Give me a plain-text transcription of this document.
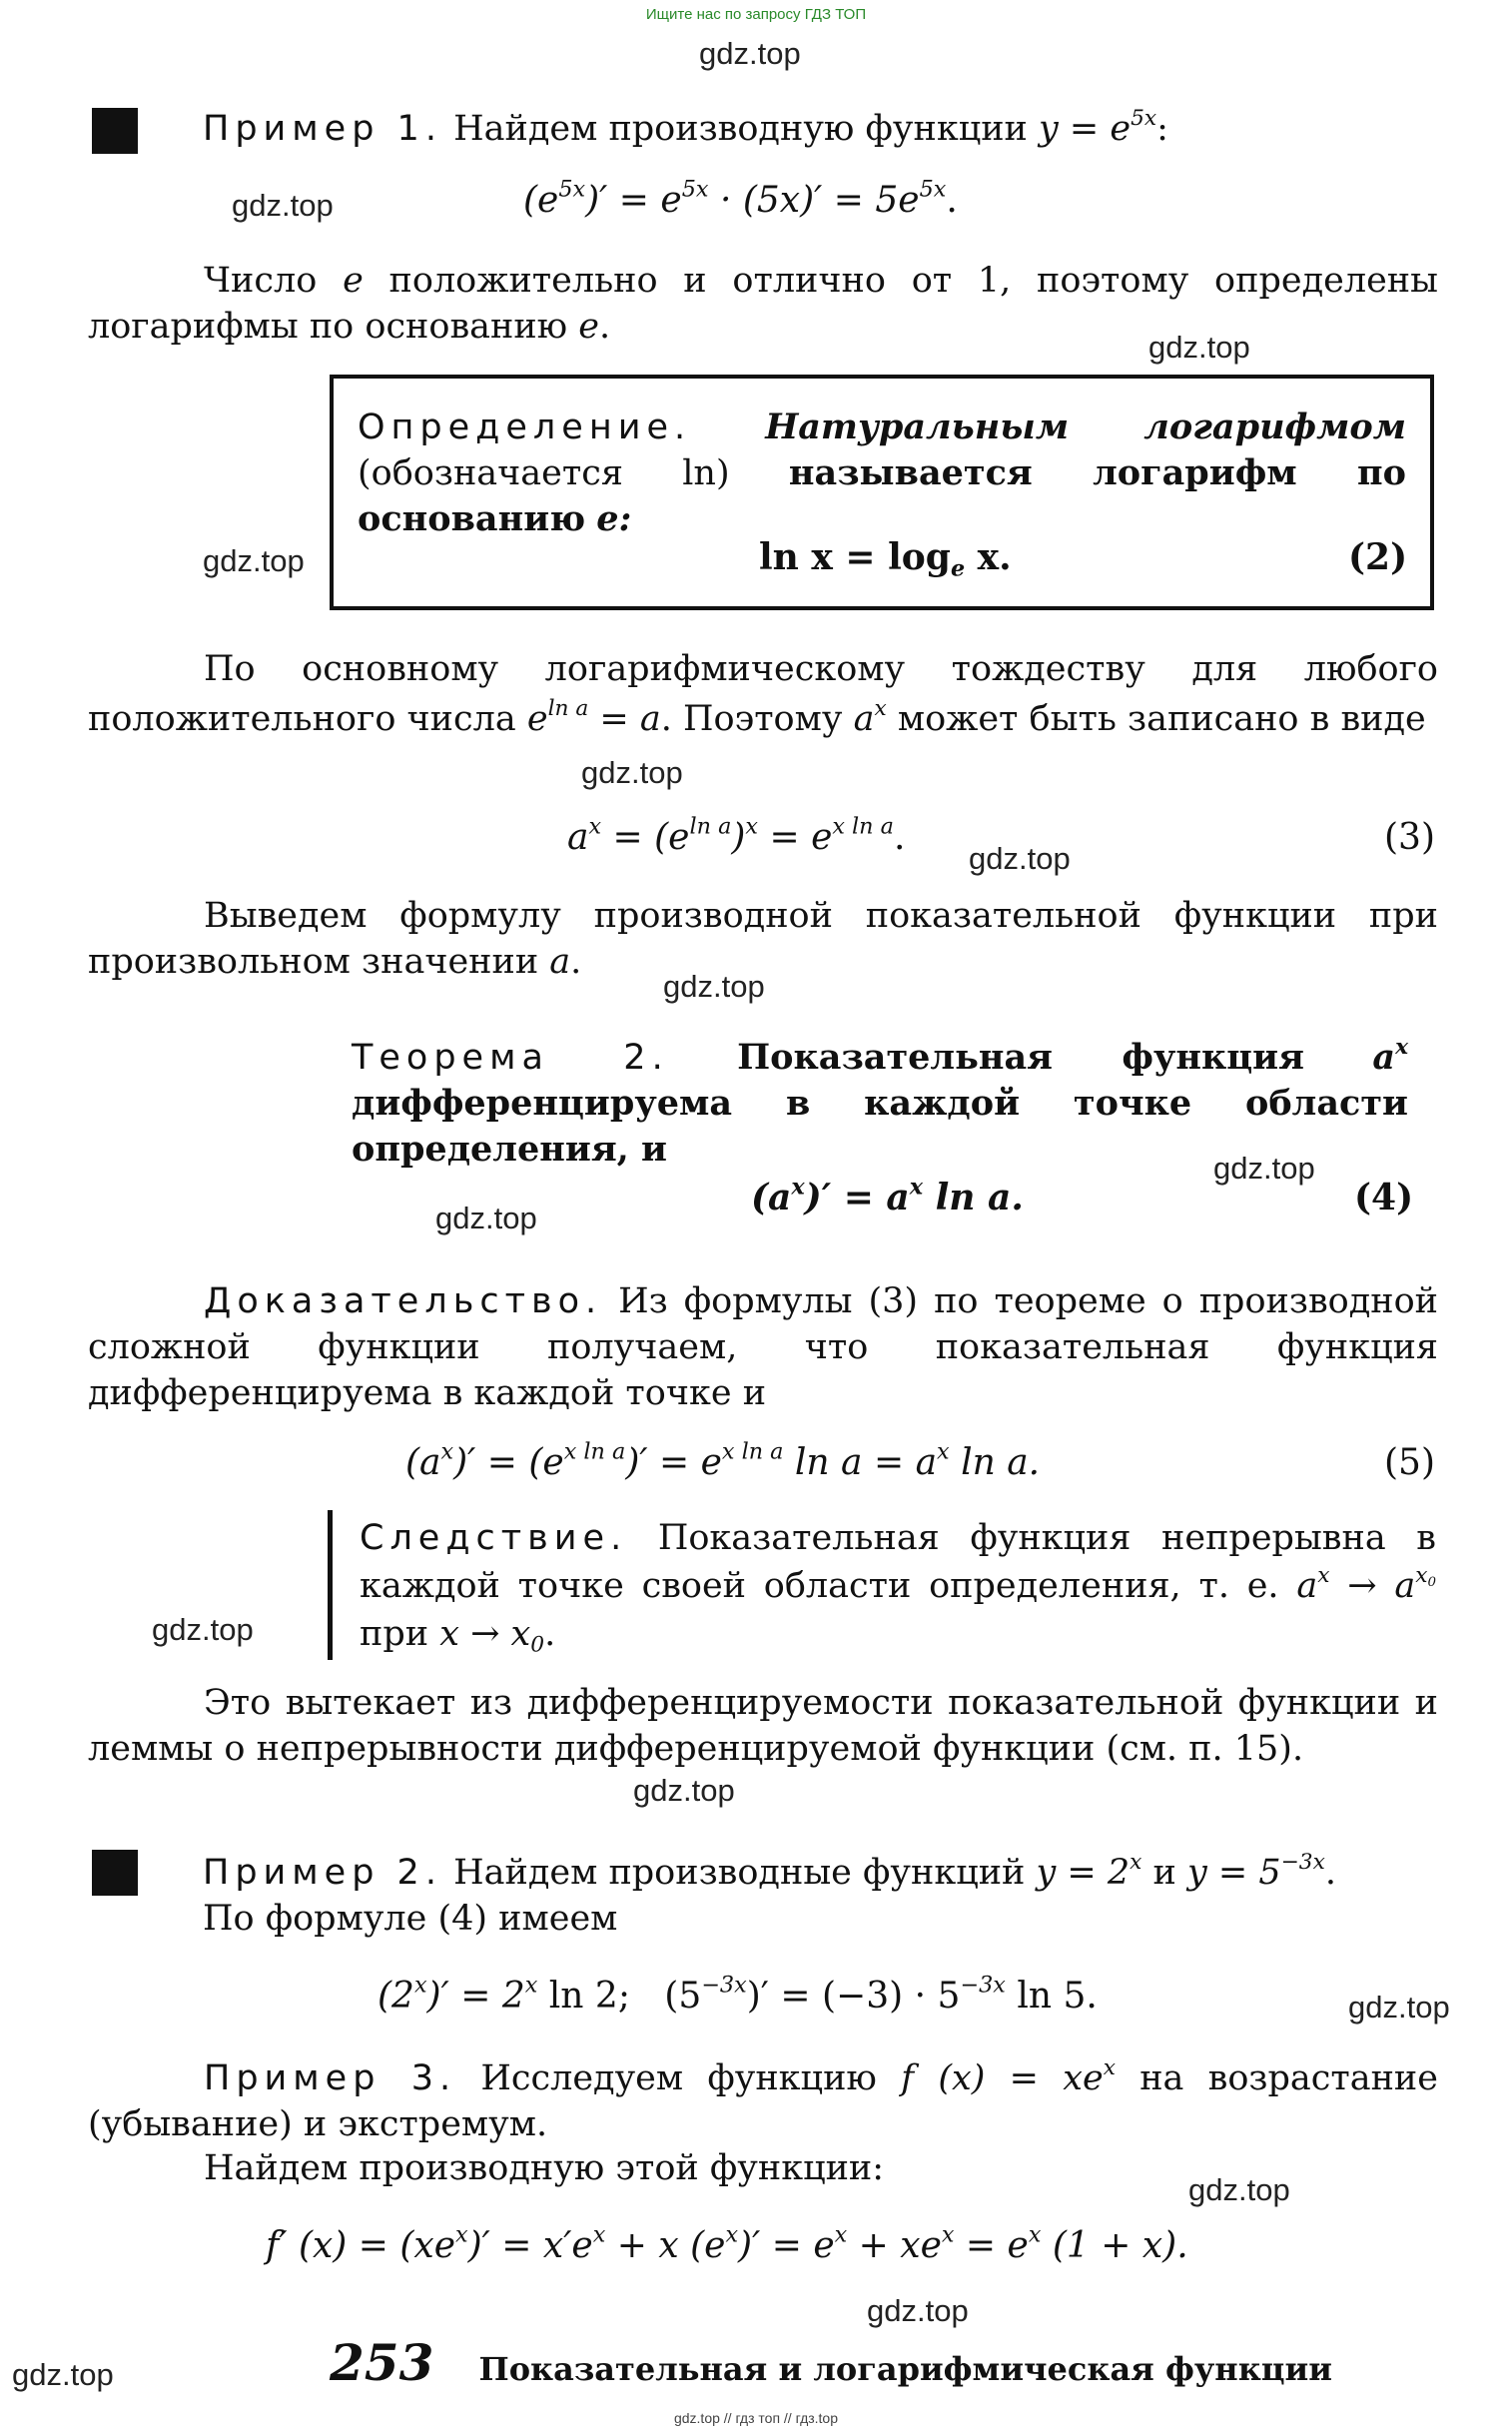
Ищите нас по запросу ГДЗ ТОП
gdz.top // гдз топ // гдз.top
gdz.top
gdz.top
gdz.top
gdz.top
gdz.top
gdz.top
gdz.top
gdz.top
gdz.top
gdz.top
gdz.top
gdz.top
gdz.top
gdz.top
gdz.top
Пример 1. Найдем производную функции $y = e^{5x}$:
$(e^{5x})' = e^{5x} \cdot (5x)' = 5e^{5x}$.
Число e положительно и отлично от 1, поэтому определены логарифмы по основанию e.
Определение. Натуральным логарифмом (обозначается ln) называется логарифм по основанию e:
$\ln x = \log_e x$.	(2)
По основному логарифмическому тождеству для любого положительного числа $e^{ln a} = a$. Поэтому $a^x$ может быть записано в виде
$a^x = (e^{ln a})^x = e^{x ln a}$.	(3)
Выведем формулу производной показательной функции при произвольном значении a.
Теорема 2. Показательная функция $a^x$ дифференцируема в каждой точке области определения, и
$(a^x)' = a^x$ ln a.	(4)
Доказательство. Из формулы (3) по теореме о производной сложной функции получаем, что показательная функция дифференцируема в каждой точке и
$(a^x)' = (e^{x ln a})' = e^{x ln a}$ $\ln a = a^x$ ln a.	(5)
Следствие. Показательная функция непрерывна в каждой точке своей области определения, т. е. $a^x \to a^{x_0}$ при $x \to x_0$.
Это вытекает из дифференцируемости показательной функции и леммы о непрерывности дифференцируемой функции (см. п. 15).
Пример 2. Найдем производные функций $y = 2^x$ и $y = 5^{-3x}$.
По формуле (4) имеем
$(2^x)' = 2^x$ ln 2;   $(5^{-3x})' = (-3) \cdot 5^{-3x}$ ln 5.
Пример 3. Исследуем функцию f $(x) = xe^x$ на возрастание (убывание) и экстремум.
Найдем производную этой функции:
f′ $(x) = (xe^x)' = x'e^x + x$ $(e^x)' = e^x + xe^x = e^x$ (1 + x).
253 Показательная и логарифмическая функции
